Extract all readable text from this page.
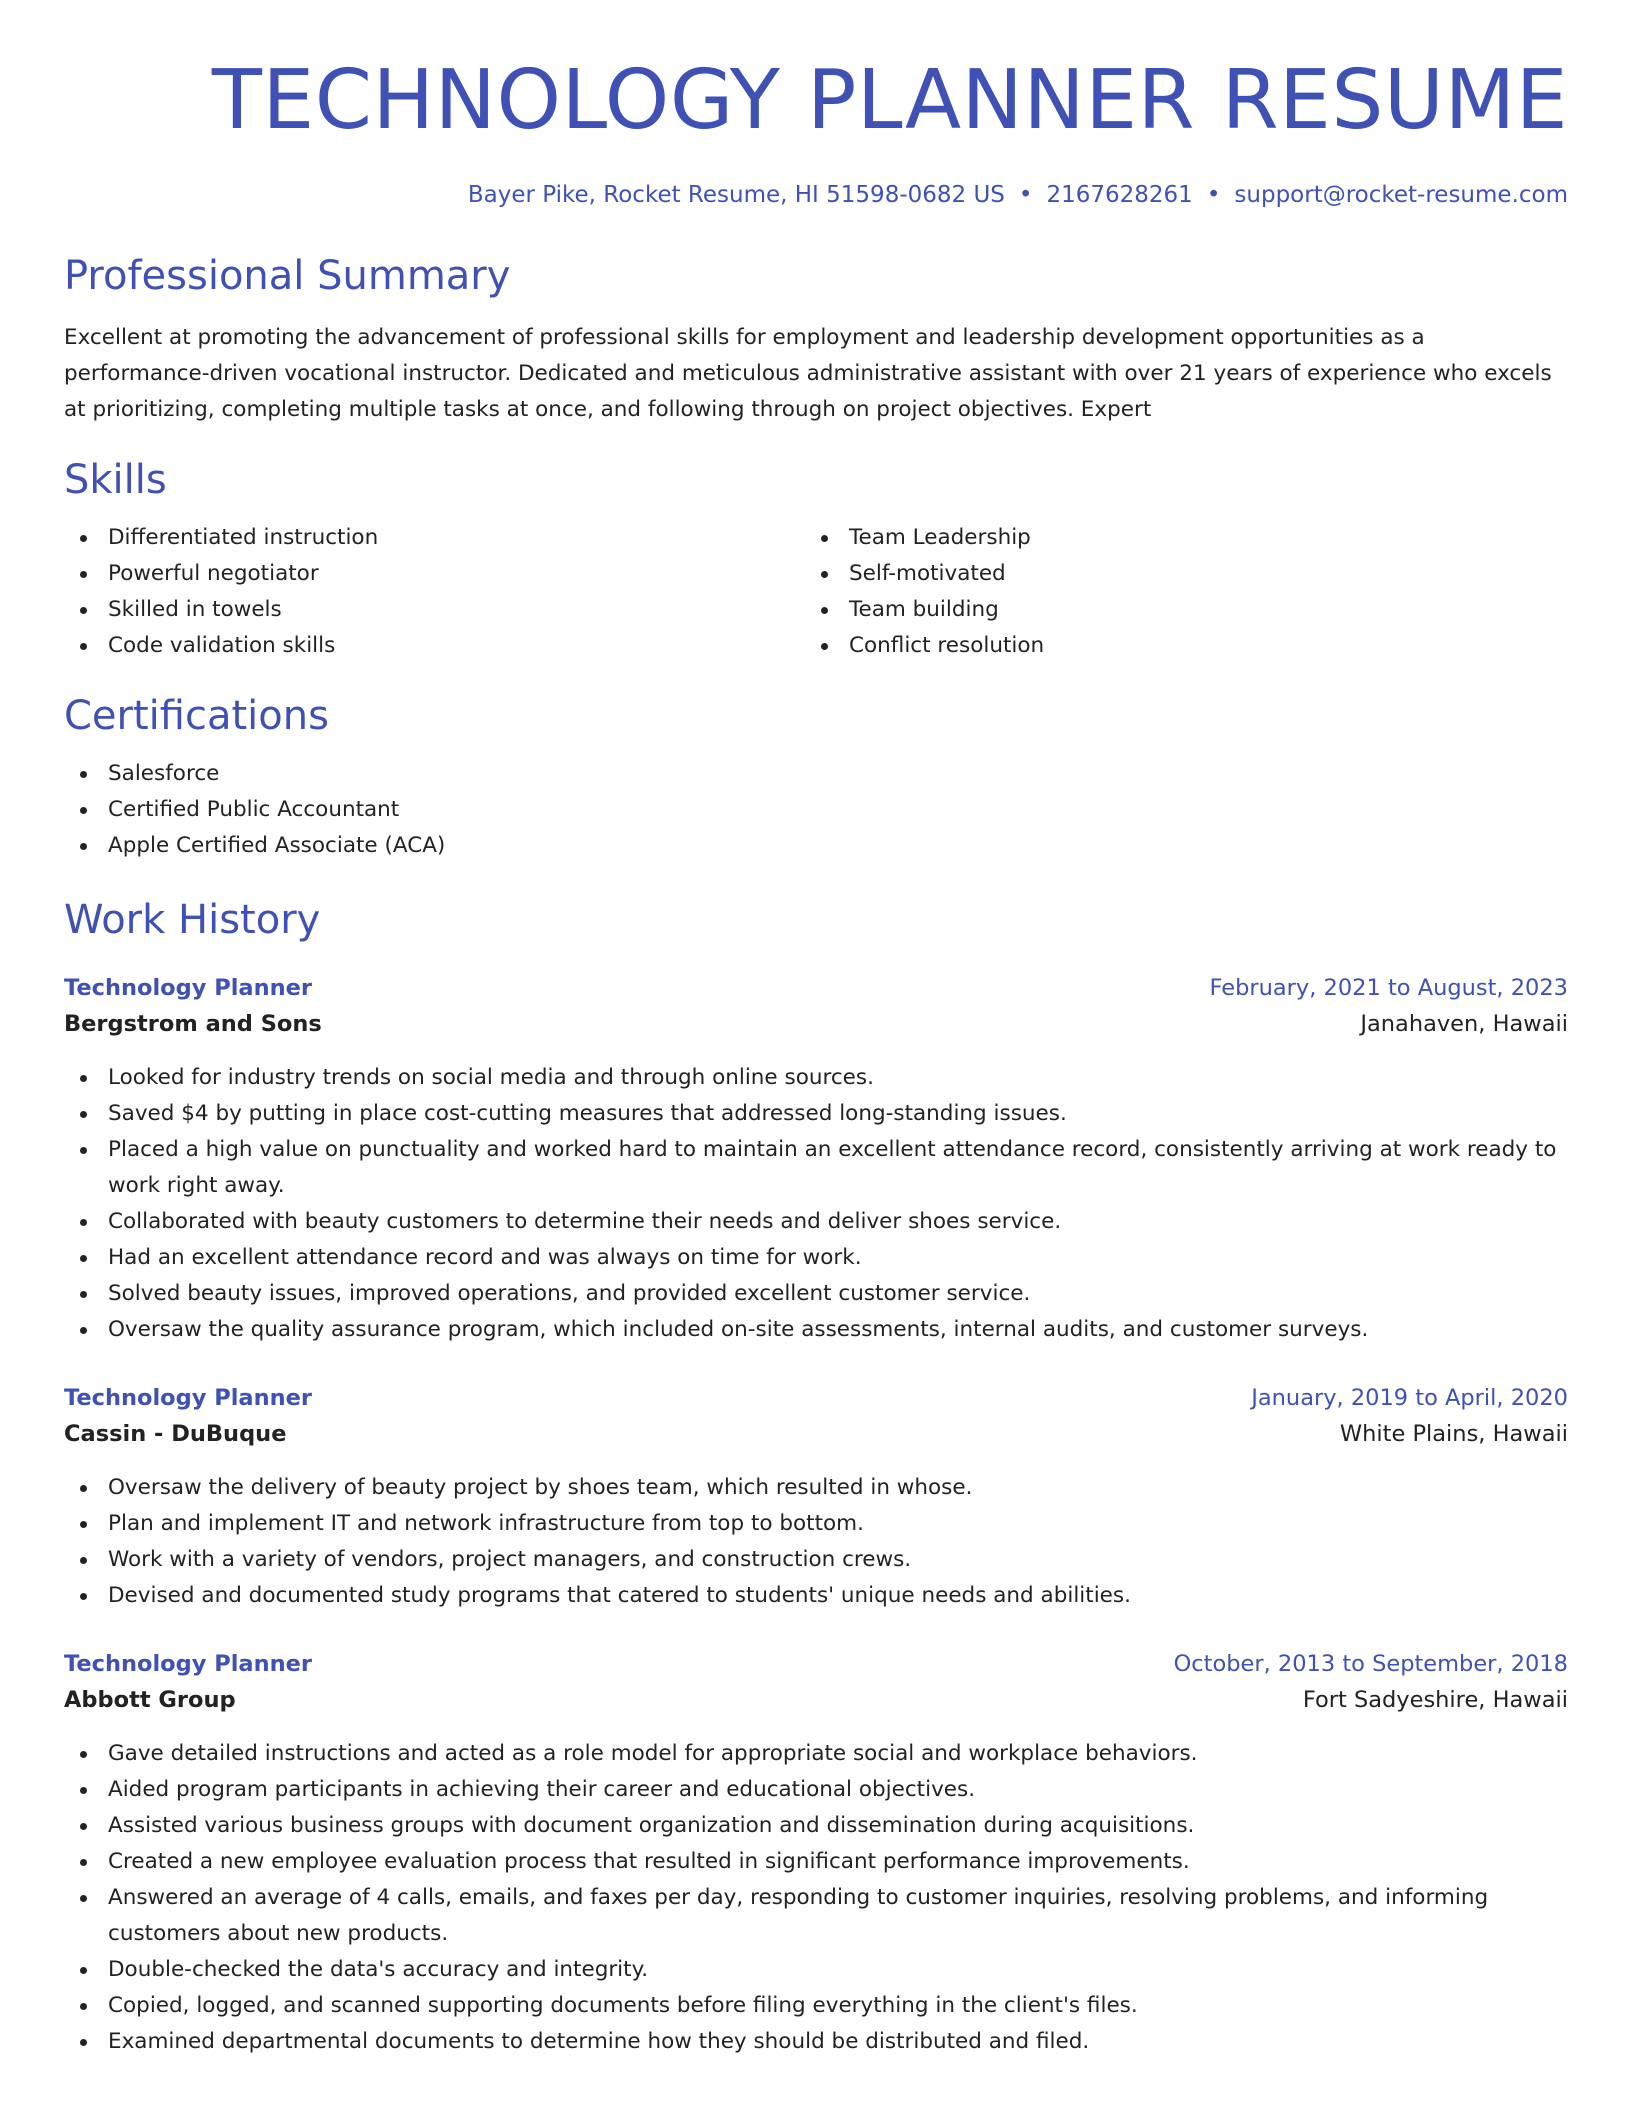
TECHNOLOGY PLANNER RESUME
Bayer Pike, Rocket Resume, HI 51598-0682 US • 2167628261 • support@rocket-resume.com
Professional Summary

Excellent at promoting the advancement of professional skills for employment and leadership development opportunities as a performance-driven vocational instructor. Dedicated and meticulous administrative assistant with over 21 years of experience who excels at prioritizing, completing multiple tasks at once, and following through on project objectives. Expert

Skills
Differentiated instruction
Powerful negotiator
Skilled in towels
Code validation skills
Team Leadership
Self-motivated
Team building
Conflict resolution
Certifications
Salesforce
Certified Public Accountant
Apple Certified Associate (ACA)
Work History
Technology Planner	February, 2021 to August, 2023
Bergstrom and Sons	Janahaven, Hawaii
Looked for industry trends on social media and through online sources.
Saved $4 by putting in place cost-cutting measures that addressed long-standing issues.
Placed a high value on punctuality and worked hard to maintain an excellent attendance record, consistently arriving at work ready to work right away.
Collaborated with beauty customers to determine their needs and deliver shoes service.
Had an excellent attendance record and was always on time for work.
Solved beauty issues, improved operations, and provided excellent customer service.
Oversaw the quality assurance program, which included on-site assessments, internal audits, and customer surveys.
Technology Planner	January, 2019 to April, 2020
Cassin - DuBuque	White Plains, Hawaii
Oversaw the delivery of beauty project by shoes team, which resulted in whose.
Plan and implement IT and network infrastructure from top to bottom.
Work with a variety of vendors, project managers, and construction crews.
Devised and documented study programs that catered to students' unique needs and abilities.
Technology Planner	October, 2013 to September, 2018
Abbott Group	Fort Sadyeshire, Hawaii
Gave detailed instructions and acted as a role model for appropriate social and workplace behaviors.
Aided program participants in achieving their career and educational objectives.
Assisted various business groups with document organization and dissemination during acquisitions.
Created a new employee evaluation process that resulted in significant performance improvements.
Answered an average of 4 calls, emails, and faxes per day, responding to customer inquiries, resolving problems, and informing customers about new products.
Double-checked the data's accuracy and integrity.
Copied, logged, and scanned supporting documents before filing everything in the client's files.
Examined departmental documents to determine how they should be distributed and filed.
